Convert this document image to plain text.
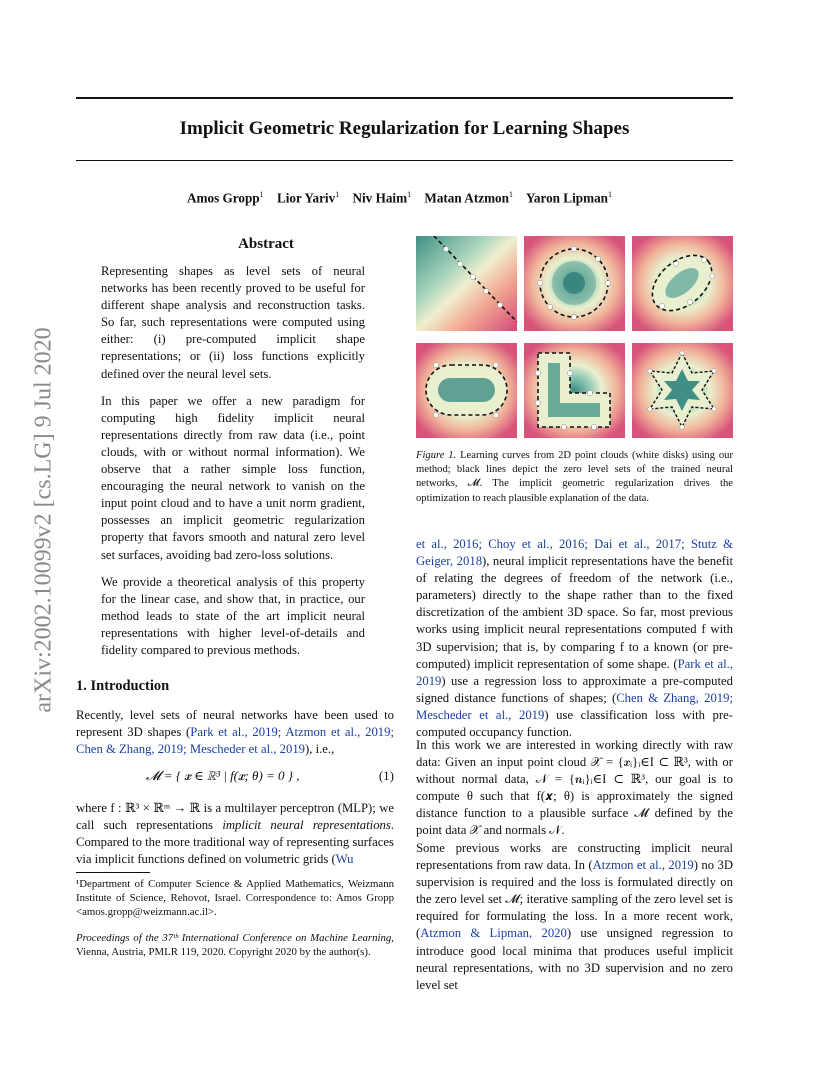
Implicit Geometric Regularization for Learning Shapes
Amos Gropp$^1$ Lior Yariv$^1$ Niv Haim$^1$ Matan Atzmon$^1$ Yaron Lipman$^1$
arXiv:2002.10099v2 [cs.LG] 9 Jul 2020
Abstract

Representing shapes as level sets of neural networks has been recently proved to be useful for different shape analysis and reconstruction tasks. So far, such representations were computed using either: (i) pre-computed implicit shape representations; or (ii) loss functions explicitly defined over the neural level sets.

In this paper we offer a new paradigm for computing high fidelity implicit neural representations directly from raw data (i.e., point clouds, with or without normal information). We observe that a rather simple loss function, encouraging the neural network to vanish on the input point cloud and to have a unit norm gradient, possesses an implicit geometric regularization property that favors smooth and natural zero level set surfaces, avoiding bad zero-loss solutions.

We provide a theoretical analysis of this property for the linear case, and show that, in practice, our method leads to state of the art implicit neural representations with higher level-of-details and fidelity compared to previous methods.

1. Introduction
Recently, level sets of neural networks have been used to represent 3D shapes (Park et al., 2019; Atzmon et al., 2019; Chen & Zhang, 2019; Mescheder et al., 2019), i.e.,
𝓜 = { 𝒙 ∈ ℝ³ | f(𝒙; θ) = 0 } ,	(1)
where f : ℝ³ × ℝᵐ → ℝ is a multilayer perceptron (MLP); we call such representations implicit neural representations. Compared to the more traditional way of representing surfaces via implicit functions defined on volumetric grids (Wu
¹Department of Computer Science & Applied Mathematics, Weizmann Institute of Science, Rehovot, Israel. Correspondence to: Amos Gropp <amos.gropp@weizmann.ac.il>.
Proceedings of the 37ᵗʰ International Conference on Machine Learning, Vienna, Austria, PMLR 119, 2020. Copyright 2020 by the author(s).
Figure 1. Learning curves from 2D point clouds (white disks) using our method; black lines depict the zero level sets of the trained neural networks, 𝓜. The implicit geometric regularization drives the optimization to reach plausible explanation of the data.
et al., 2016; Choy et al., 2016; Dai et al., 2017; Stutz & Geiger, 2018), neural implicit representations have the benefit of relating the degrees of freedom of the network (i.e., parameters) directly to the shape rather than to the fixed discretization of the ambient 3D space. So far, most previous works using implicit neural representations computed f with 3D supervision; that is, by comparing f to a known (or pre-computed) implicit representation of some shape. (Park et al., 2019) use a regression loss to approximate a pre-computed signed distance functions of shapes; (Chen & Zhang, 2019; Mescheder et al., 2019) use classification loss with pre-computed occupancy function.
In this work we are interested in working directly with raw data: Given an input point cloud 𝒳 = {𝒙ᵢ}ᵢ∈I ⊂ ℝ³, with or without normal data, 𝒩 = {𝒏ᵢ}ᵢ∈I ⊂ ℝ³, our goal is to compute θ such that f(𝒙; θ) is approximately the signed distance function to a plausible surface 𝓜 defined by the point data 𝒳 and normals 𝒩.
Some previous works are constructing implicit neural representations from raw data. In (Atzmon et al., 2019) no 3D supervision is required and the loss is formulated directly on the zero level set 𝓜; iterative sampling of the zero level set is required for formulating the loss. In a more recent work, (Atzmon & Lipman, 2020) use unsigned regression to introduce good local minima that produces useful implicit neural representations, with no 3D supervision and no zero level set
